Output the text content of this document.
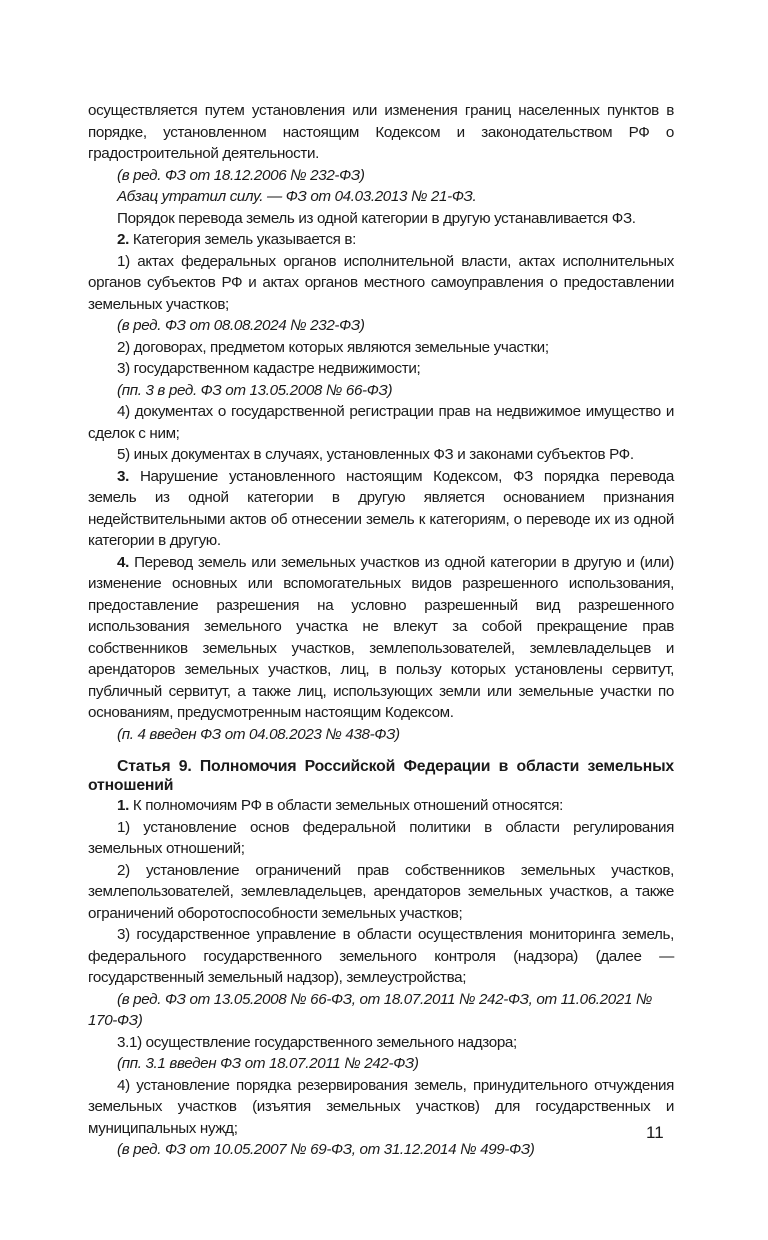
осуществляется путем установления или изменения границ населенных пунктов в порядке, установленном настоящим Кодексом и законодательством РФ о градостроительной деятельности.

(в ред. ФЗ от 18.12.2006 № 232-ФЗ)

Абзац утратил силу. — ФЗ от 04.03.2013 № 21-ФЗ.

Порядок перевода земель из одной категории в другую устанавливается ФЗ.

2. Категория земель указывается в:

1) актах федеральных органов исполнительной власти, актах исполнительных органов субъектов РФ и актах органов местного самоуправления о предоставлении земельных участков;

(в ред. ФЗ от 08.08.2024 № 232-ФЗ)

2) договорах, предметом которых являются земельные участки;

3) государственном кадастре недвижимости;

(пп. 3 в ред. ФЗ от 13.05.2008 № 66-ФЗ)

4) документах о государственной регистрации прав на недвижимое имущество и сделок с ним;

5) иных документах в случаях, установленных ФЗ и законами субъектов РФ.

3. Нарушение установленного настоящим Кодексом, ФЗ порядка перевода земель из одной категории в другую является основанием признания недействительными актов об отнесении земель к категориям, о переводе их из одной категории в другую.

4. Перевод земель или земельных участков из одной категории в другую и (или) изменение основных или вспомогательных видов разрешенного использования, предоставление разрешения на условно разрешенный вид разрешенного использования земельного участка не влекут за собой прекращение прав собственников земельных участков, землепользователей, землевладельцев и арендаторов земельных участков, лиц, в пользу которых установлены сервитут, публичный сервитут, а также лиц, использующих земли или земельные участки по основаниям, предусмотренным настоящим Кодексом.

(п. 4 введен ФЗ от 04.08.2023 № 438-ФЗ)

Статья 9. Полномочия Российской Федерации в области земельных отношений

1. К полномочиям РФ в области земельных отношений относятся:

1) установление основ федеральной политики в области регулирования земельных отношений;

2) установление ограничений прав собственников земельных участков, землепользователей, землевладельцев, арендаторов земельных участков, а также ограничений оборотоспособности земельных участков;

3) государственное управление в области осуществления мониторинга земель, федерального государственного земельного контроля (надзора) (далее — государственный земельный надзор), землеустройства;

(в ред. ФЗ от 13.05.2008 № 66-ФЗ, от 18.07.2011 № 242-ФЗ, от 11.06.2021 № 170-ФЗ)

3.1) осуществление государственного земельного надзора;

(пп. 3.1 введен ФЗ от 18.07.2011 № 242-ФЗ)

4) установление порядка резервирования земель, принудительного отчуждения земельных участков (изъятия земельных участков) для государственных и муниципальных нужд;

(в ред. ФЗ от 10.05.2007 № 69-ФЗ, от 31.12.2014 № 499-ФЗ)

11
